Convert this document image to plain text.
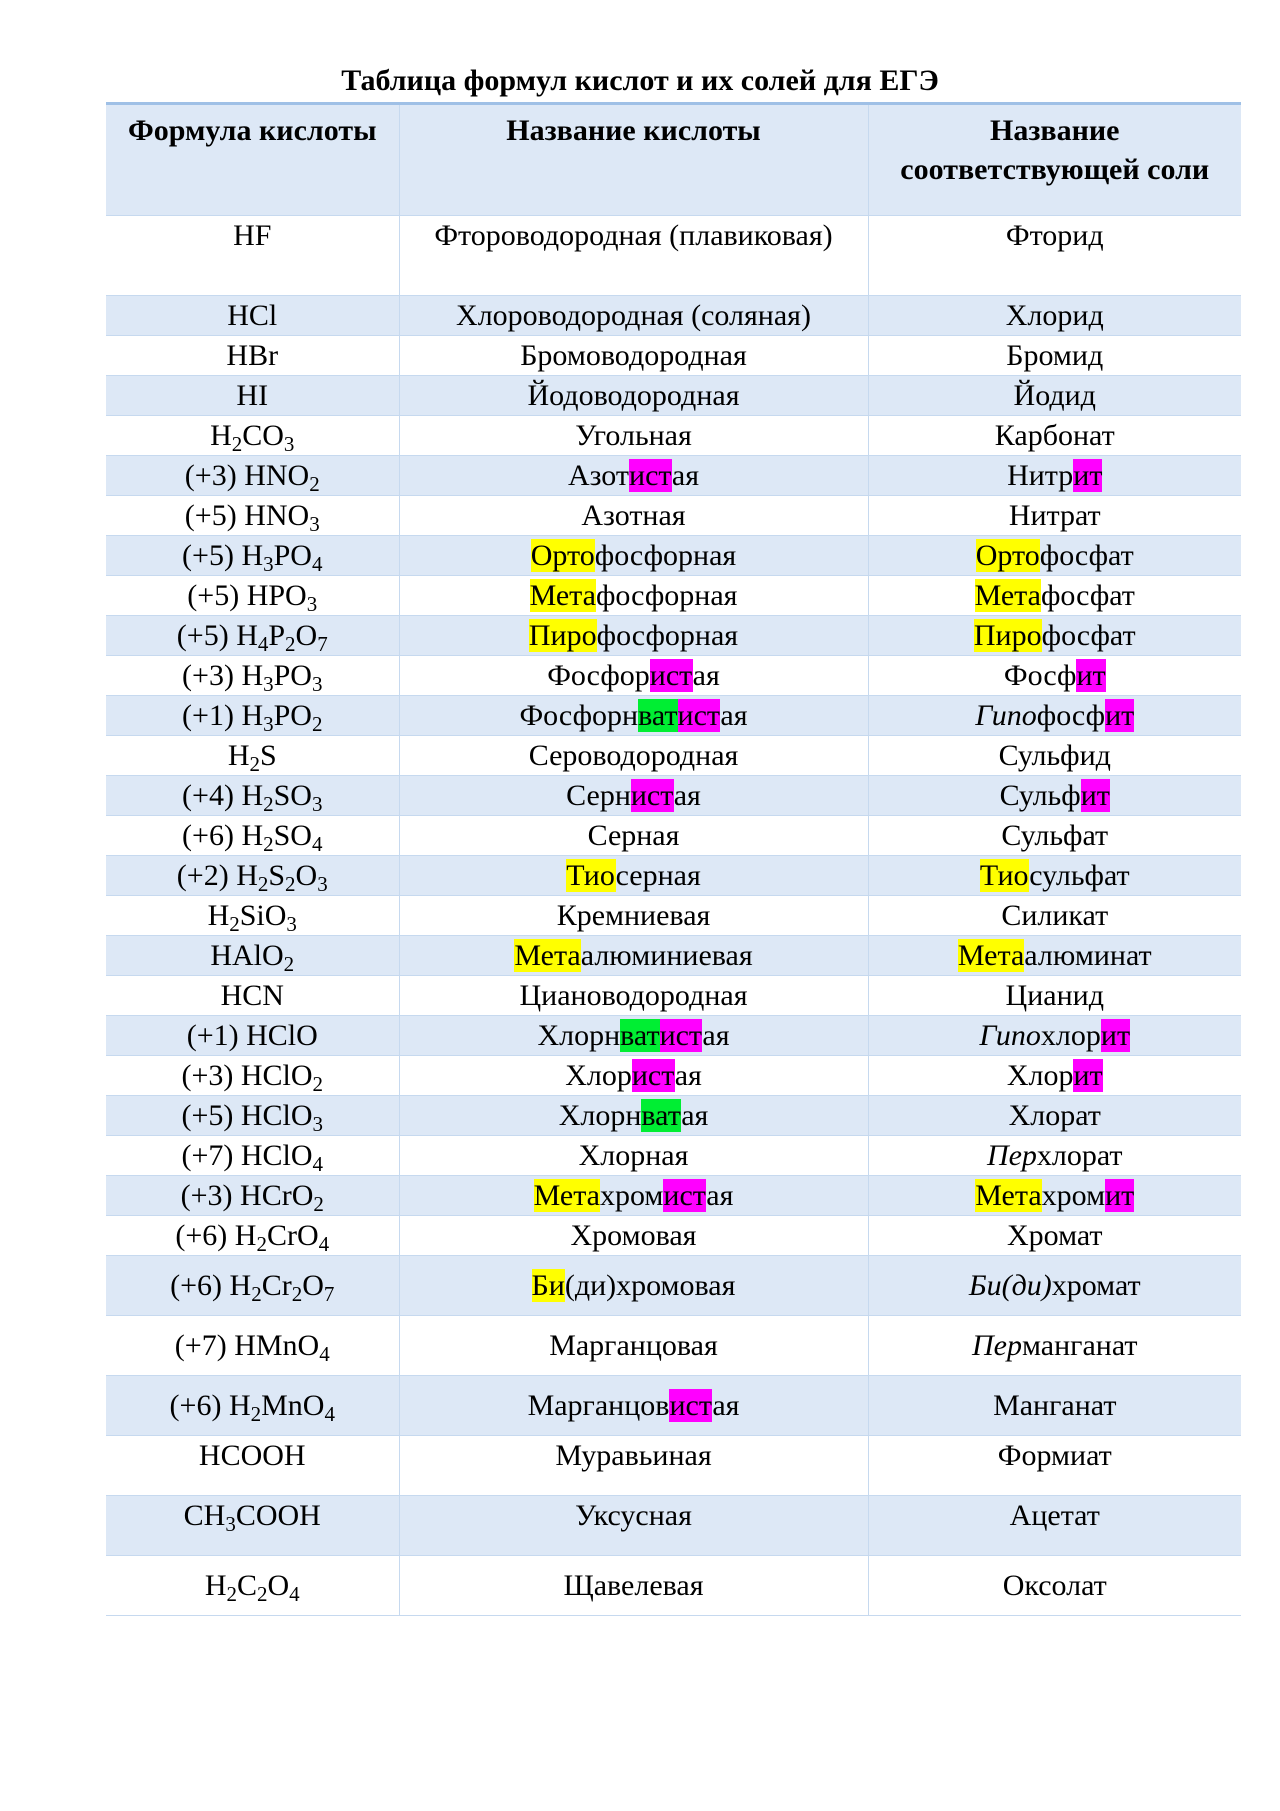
Таблица формул кислот и их солей для ЕГЭ
Формула кислоты	Название кислоты	Название соответствующей соли
HF	Фтороводородная (плавиковая)	Фторид
HCl	Хлороводородная (соляная)	Хлорид
HBr	Бромоводородная	Бромид
HI	Йодоводородная	Йодид
$H_2CO_3$	Угольная	Карбонат
(+3) $HNO_2$	Азотистая	Нитрит
(+5) $HNO_3$	Азотная	Нитрат
(+5) $H_3PO_4$	Ортофосфорная	Ортофосфат
(+5) $HPO_3$	Метафосфорная	Метафосфат
(+5) $H_4P_2O_7$	Пирофосфорная	Пирофосфат
(+3) $H_3PO_3$	Фосфористая	Фосфит
(+1) $H_3PO_2$	Фосфорнватистая	Гипофосфит
$H_2S$	Сероводородная	Сульфид
(+4) $H_2SO_3$	Сернистая	Сульфит
(+6) $H_2SO_4$	Серная	Сульфат
(+2) $H_2S_2O_3$	Тиосерная	Тиосульфат
$H_2SiO_3$	Кремниевая	Силикат
HAlO$_2$	Метаалюминиевая	Метаалюминат
HCN	Циановодородная	Цианид
(+1) HClO	Хлорнватистая	Гипохлорит
(+3) HClO$_2$	Хлористая	Хлорит
(+5) HClO$_3$	Хлорнватая	Хлорат
(+7) HClO$_4$	Хлорная	Перхлорат
(+3) HCrO$_2$	Метахромистая	Метахромит
(+6) $H_2CrO_4$	Хромовая	Хромат
(+6) $H_2Cr_2O_7$	Би(ди)хромовая	Би(ди)хромат
(+7) HMnO$_4$	Марганцовая	Перманганат
(+6) $H_2MnO_4$	Марганцовистая	Манганат
HCOOH	Муравьиная	Формиат
$CH_3COOH$	Уксусная	Ацетат
$H_2C_2O_4$	Щавелевая	Оксолат
